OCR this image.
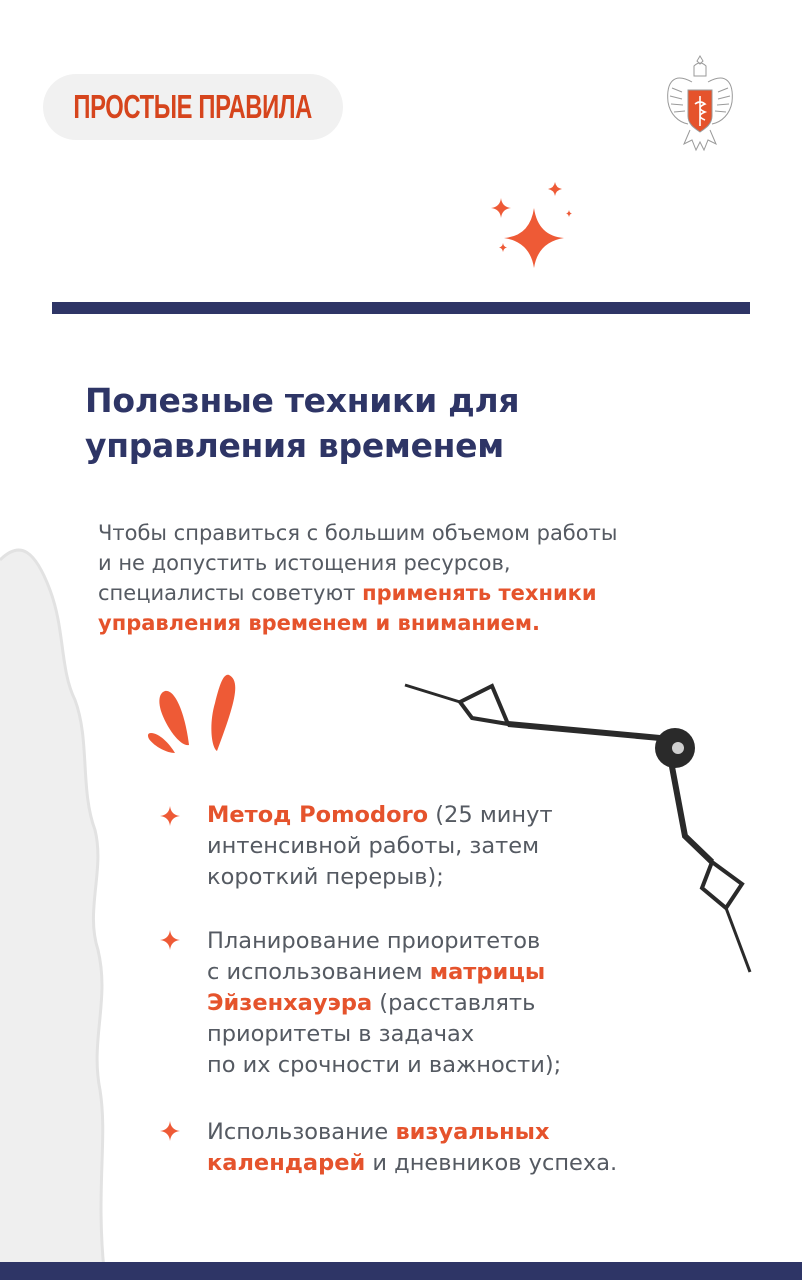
ПРОСТЫЕ ПРАВИЛА
Полезные техники для
управления временем
Чтобы справиться с большим объемом работы
и не допустить истощения ресурсов,
специалисты советуют применять техники
управления временем и вниманием.
Метод Pomodoro (25 минут
интенсивной работы, затем
короткий перерыв);
Планирование приоритетов
с использованием матрицы
Эйзенхауэра (расставлять
приоритеты в задачах
по их срочности и важности);
Использование визуальных
календарей и дневников успеха.
